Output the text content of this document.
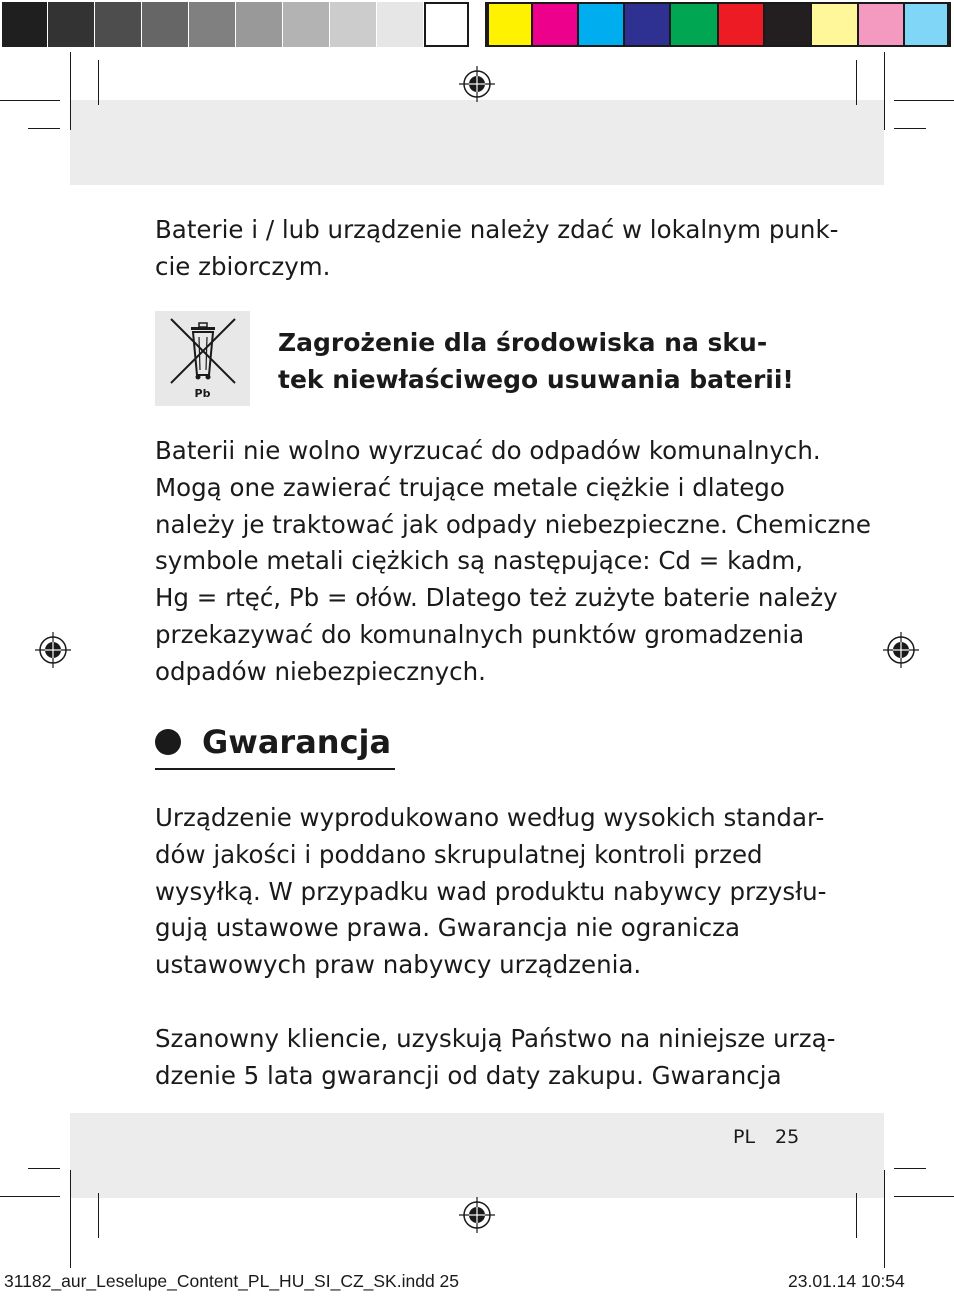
Baterie i / lub urządzenie należy zdać w lokalnym punk-
cie zbiorczym.

Pb

Zagrożenie dla środowiska na sku-
tek niewłaściwego usuwania baterii!

Baterii nie wolno wyrzucać do odpadów komunalnych.
Mogą one zawierać trujące metale ciężkie i dlatego
należy je traktować jak odpady niebezpieczne. Chemiczne
symbole metali ciężkich są następujące: Cd = kadm,
Hg = rtęć, Pb = ołów. Dlatego też zużyte baterie należy
przekazywać do komunalnych punktów gromadzenia
odpadów niebezpiecznych.

Gwarancja

Urządzenie wyprodukowano według wysokich standar-
dów jakości i poddano skrupulatnej kontroli przed
wysyłką. W przypadku wad produktu nabywcy przysłu-
gują ustawowe prawa. Gwarancja nie ogranicza
ustawowych praw nabywcy urządzenia.

Szanowny kliencie, uzyskują Państwo na niniejsze urzą-
dzenie 5 lata gwarancji od daty zakupu. Gwarancja

PL 25
31182_aur_Leselupe_Content_PL_HU_SI_CZ_SK.indd 25	23.01.14 10:54
